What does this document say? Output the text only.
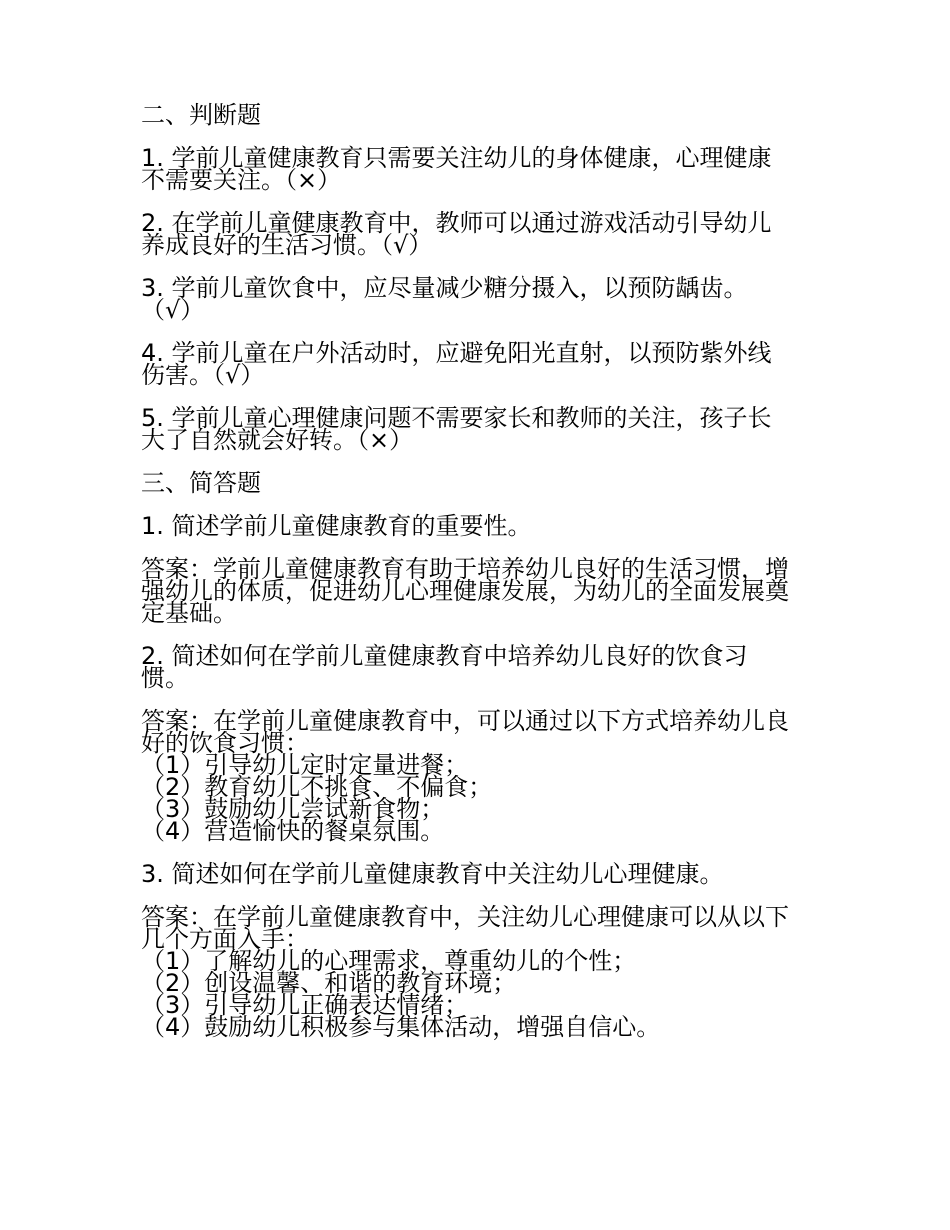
二、判断题

1. 学前儿童健康教育只需要关注幼儿的身体健康，心理健康
不需要关注。（×）

2. 在学前儿童健康教育中，教师可以通过游戏活动引导幼儿
养成良好的生活习惯。（√）

3. 学前儿童饮食中，应尽量减少糖分摄入，以预防龋齿。
（√）

4. 学前儿童在户外活动时，应避免阳光直射，以预防紫外线
伤害。（√）

5. 学前儿童心理健康问题不需要家长和教师的关注，孩子长
大了自然就会好转。（×）

三、简答题

1. 简述学前儿童健康教育的重要性。

答案：学前儿童健康教育有助于培养幼儿良好的生活习惯，增
强幼儿的体质，促进幼儿心理健康发展，为幼儿的全面发展奠
定基础。

2. 简述如何在学前儿童健康教育中培养幼儿良好的饮食习
惯。

答案：在学前儿童健康教育中，可以通过以下方式培养幼儿良
好的饮食习惯：
（1）引导幼儿定时定量进餐；
（2）教育幼儿不挑食、不偏食；
（3）鼓励幼儿尝试新食物；
（4）营造愉快的餐桌氛围。

3. 简述如何在学前儿童健康教育中关注幼儿心理健康。

答案：在学前儿童健康教育中，关注幼儿心理健康可以从以下
几个方面入手：
（1）了解幼儿的心理需求，尊重幼儿的个性；
（2）创设温馨、和谐的教育环境；
（3）引导幼儿正确表达情绪；
（4）鼓励幼儿积极参与集体活动，增强自信心。
